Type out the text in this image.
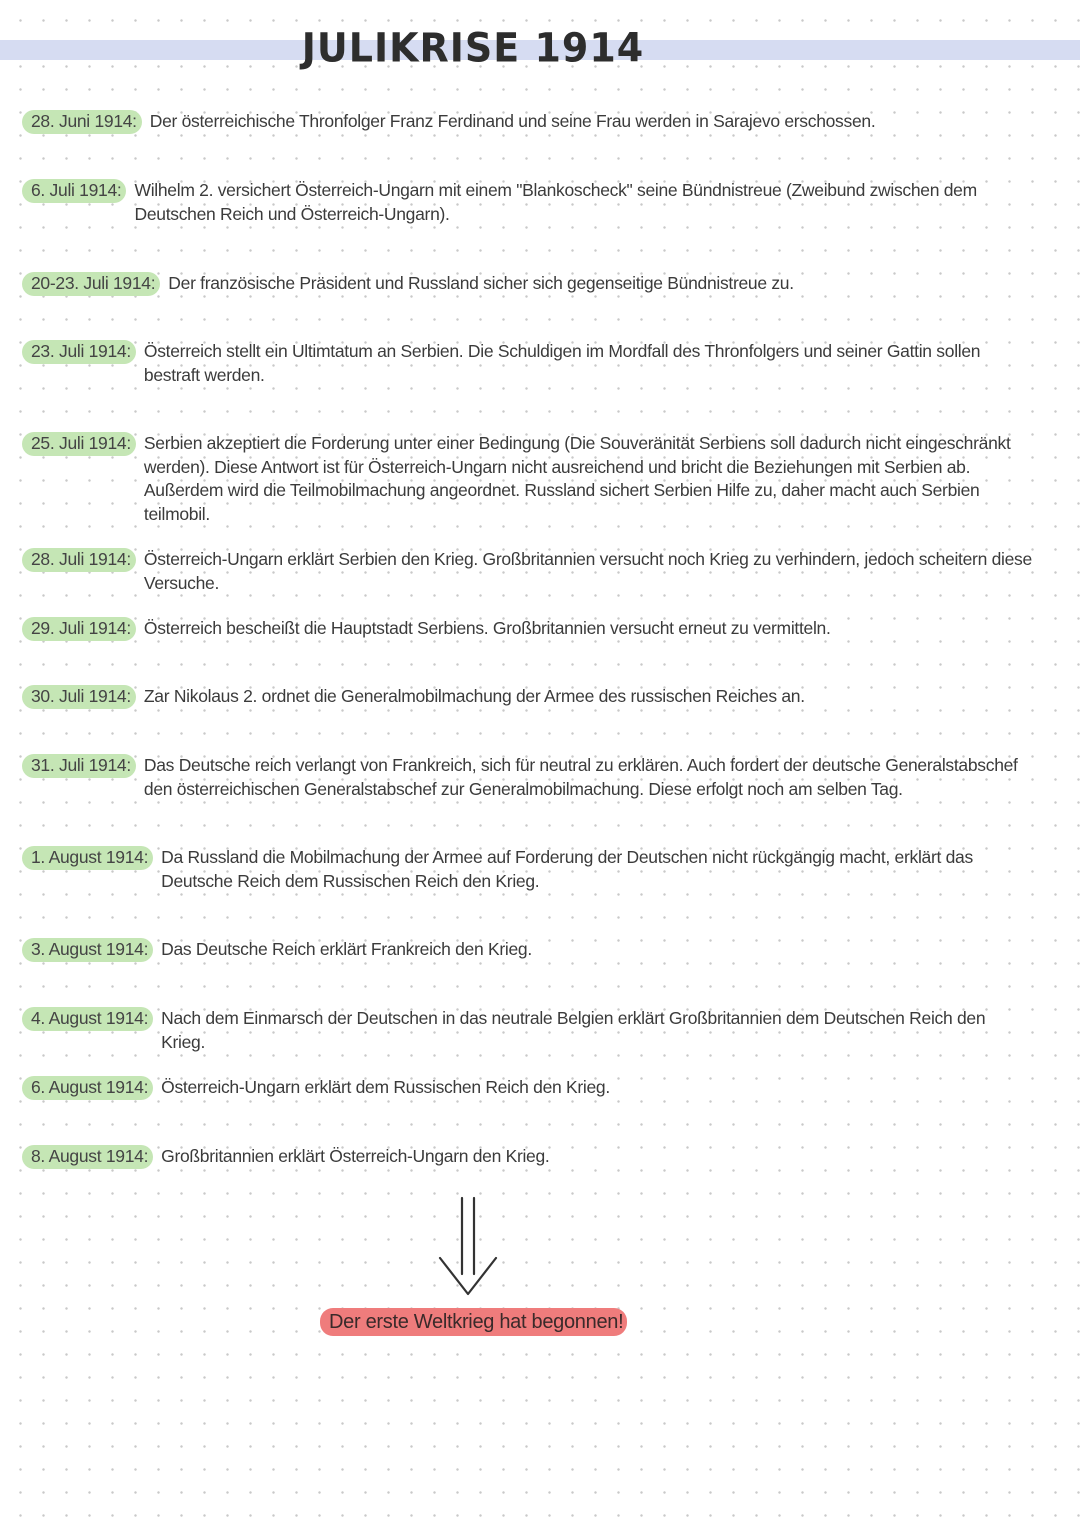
JULIKRISE 1914
28. Juni 1914: Der österreichische Thronfolger Franz Ferdinand und seine Frau werden in Sarajevo erschossen.
6. Juli 1914: Wilhelm 2. versichert Österreich-Ungarn mit einem "Blankoscheck" seine Bündnistreue (Zweibund zwischen dem Deutschen Reich und Österreich-Ungarn).
20-23. Juli 1914: Der französische Präsident und Russland sicher sich gegenseitige Bündnistreue zu.
23. Juli 1914: Österreich stellt ein Ultimtatum an Serbien. Die Schuldigen im Mordfall des Thronfolgers und seiner Gattin sollen bestraft werden.
25. Juli 1914: Serbien akzeptiert die Forderung unter einer Bedingung (Die Souveränität Serbiens soll dadurch nicht eingeschränkt werden). Diese Antwort ist für Österreich-Ungarn nicht ausreichend und bricht die Beziehungen mit Serbien ab. Außerdem wird die Teilmobilmachung angeordnet. Russland sichert Serbien Hilfe zu, daher macht auch Serbien teilmobil.
28. Juli 1914: Österreich-Ungarn erklärt Serbien den Krieg. Großbritannien versucht noch Krieg zu verhindern, jedoch scheitern diese Versuche.
29. Juli 1914: Österreich bescheißt die Hauptstadt Serbiens. Großbritannien versucht erneut zu vermitteln.
30. Juli 1914: Zar Nikolaus 2. ordnet die Generalmobilmachung der Armee des russischen Reiches an.
31. Juli 1914: Das Deutsche reich verlangt von Frankreich, sich für neutral zu erklären. Auch fordert der deutsche Generalstabschef den österreichischen Generalstabschef zur Generalmobilmachung. Diese erfolgt noch am selben Tag.
1. August 1914: Da Russland die Mobilmachung der Armee auf Forderung der Deutschen nicht rückgängig macht, erklärt das Deutsche Reich dem Russischen Reich den Krieg.
3. August 1914: Das Deutsche Reich erklärt Frankreich den Krieg.
4. August 1914: Nach dem Einmarsch der Deutschen in das neutrale Belgien erklärt Großbritannien dem Deutschen Reich den Krieg.
6. August 1914: Österreich-Ungarn erklärt dem Russischen Reich den Krieg.
8. August 1914: Großbritannien erklärt Österreich-Ungarn den Krieg.
Der erste Weltkrieg hat begonnen!
